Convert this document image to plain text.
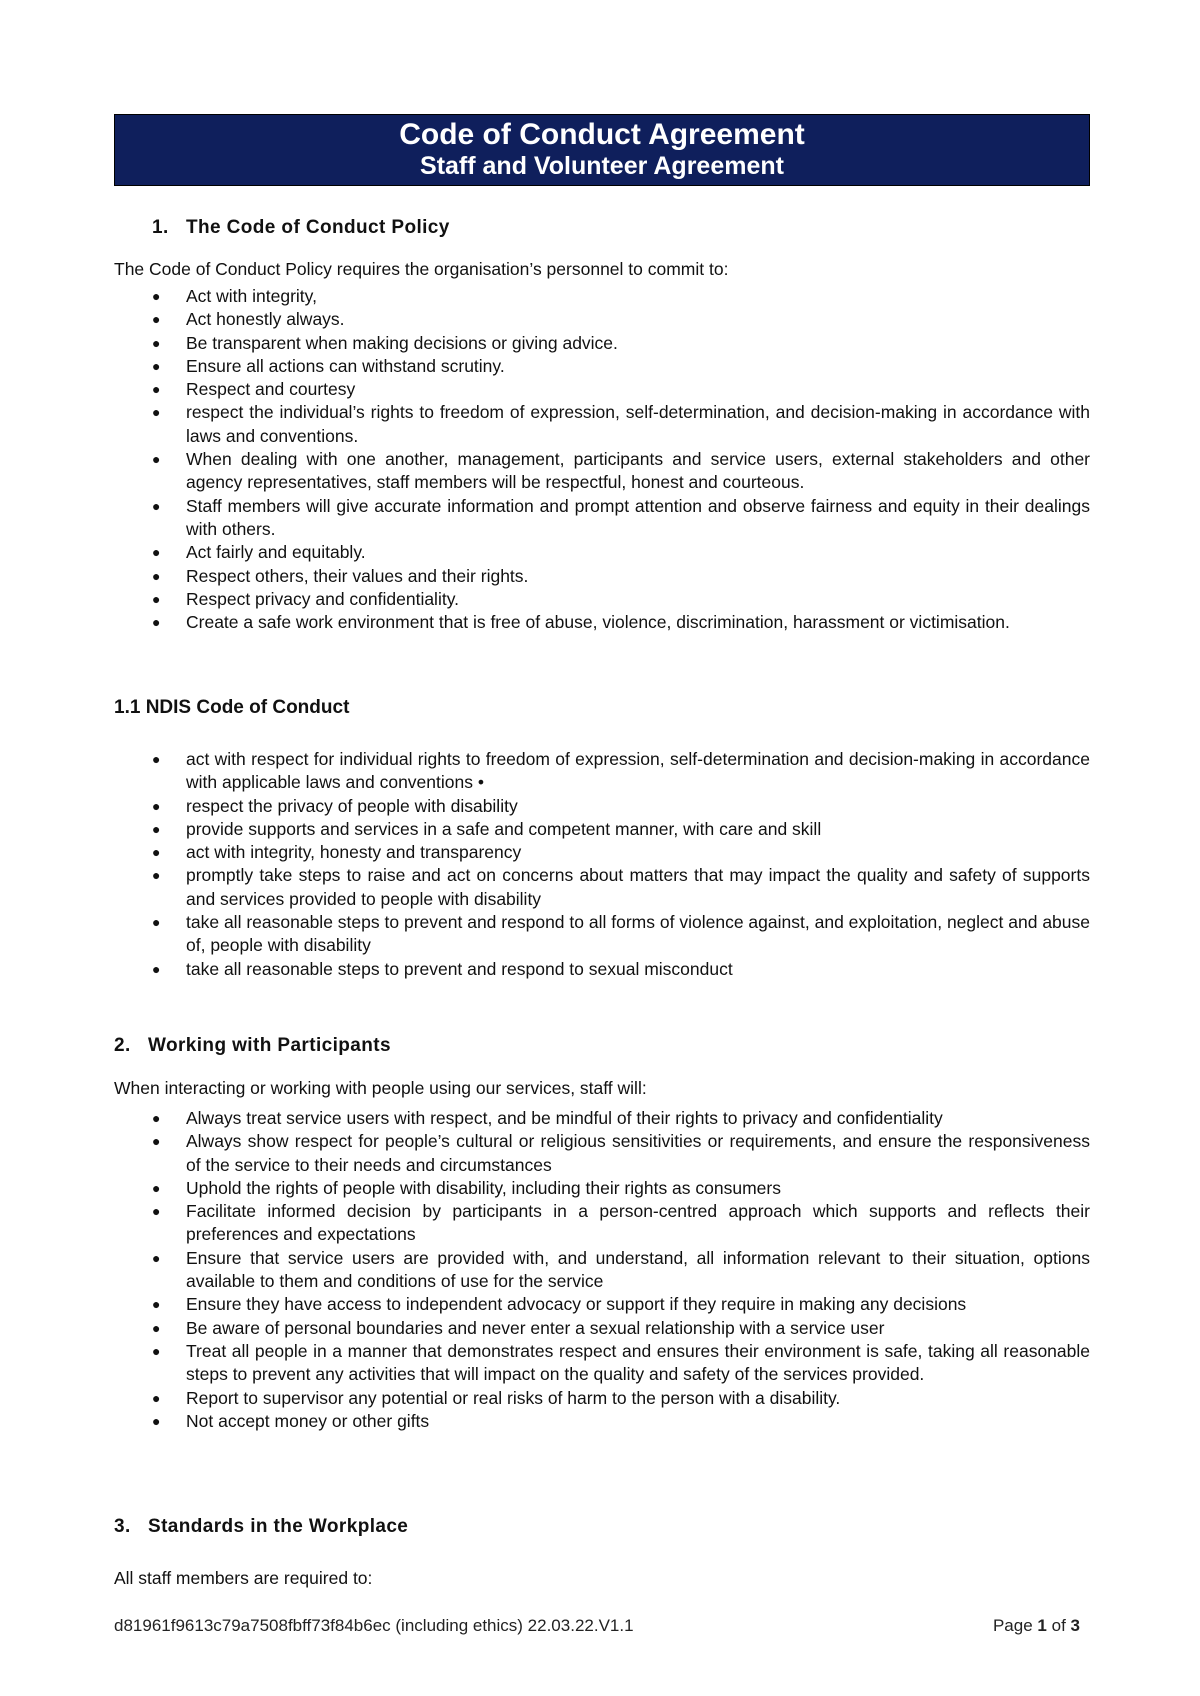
Code of Conduct Agreement
Staff and Volunteer Agreement
1. The Code of Conduct Policy

The Code of Conduct Policy requires the organisation’s personnel to commit to:

● Act with integrity,
● Act honestly always.
● Be transparent when making decisions or giving advice.
● Ensure all actions can withstand scrutiny.
● Respect and courtesy
● respect the individual’s rights to freedom of expression, self-determination, and decision-making in accordance with laws and conventions.
● When dealing with one another, management, participants and service users, external stakeholders and other agency representatives, staff members will be respectful, honest and courteous.
● Staff members will give accurate information and prompt attention and observe fairness and equity in their dealings with others.
● Act fairly and equitably.
● Respect others, their values and their rights.
● Respect privacy and confidentiality.
● Create a safe work environment that is free of abuse, violence, discrimination, harassment or victimisation.
1.1 NDIS Code of Conduct
● act with respect for individual rights to freedom of expression, self-determination and decision-making in accordance with applicable laws and conventions •
● respect the privacy of people with disability
● provide supports and services in a safe and competent manner, with care and skill
● act with integrity, honesty and transparency
● promptly take steps to raise and act on concerns about matters that may impact the quality and safety of supports and services provided to people with disability
● take all reasonable steps to prevent and respond to all forms of violence against, and exploitation, neglect and abuse of, people with disability
● take all reasonable steps to prevent and respond to sexual misconduct
2. Working with Participants

When interacting or working with people using our services, staff will:

● Always treat service users with respect, and be mindful of their rights to privacy and confidentiality
● Always show respect for people’s cultural or religious sensitivities or requirements, and ensure the responsiveness of the service to their needs and circumstances
● Uphold the rights of people with disability, including their rights as consumers
● Facilitate informed decision by participants in a person-centred approach which supports and reflects their preferences and expectations
● Ensure that service users are provided with, and understand, all information relevant to their situation, options available to them and conditions of use for the service
● Ensure they have access to independent advocacy or support if they require in making any decisions
● Be aware of personal boundaries and never enter a sexual relationship with a service user
● Treat all people in a manner that demonstrates respect and ensures their environment is safe, taking all reasonable steps to prevent any activities that will impact on the quality and safety of the services provided.
● Report to supervisor any potential or real risks of harm to the person with a disability.
● Not accept money or other gifts
3. Standards in the Workplace

All staff members are required to:

d81961f9613c79a7508fbff73f84b6ec (including ethics) 22.03.22.V1.1	Page 1 of 3
